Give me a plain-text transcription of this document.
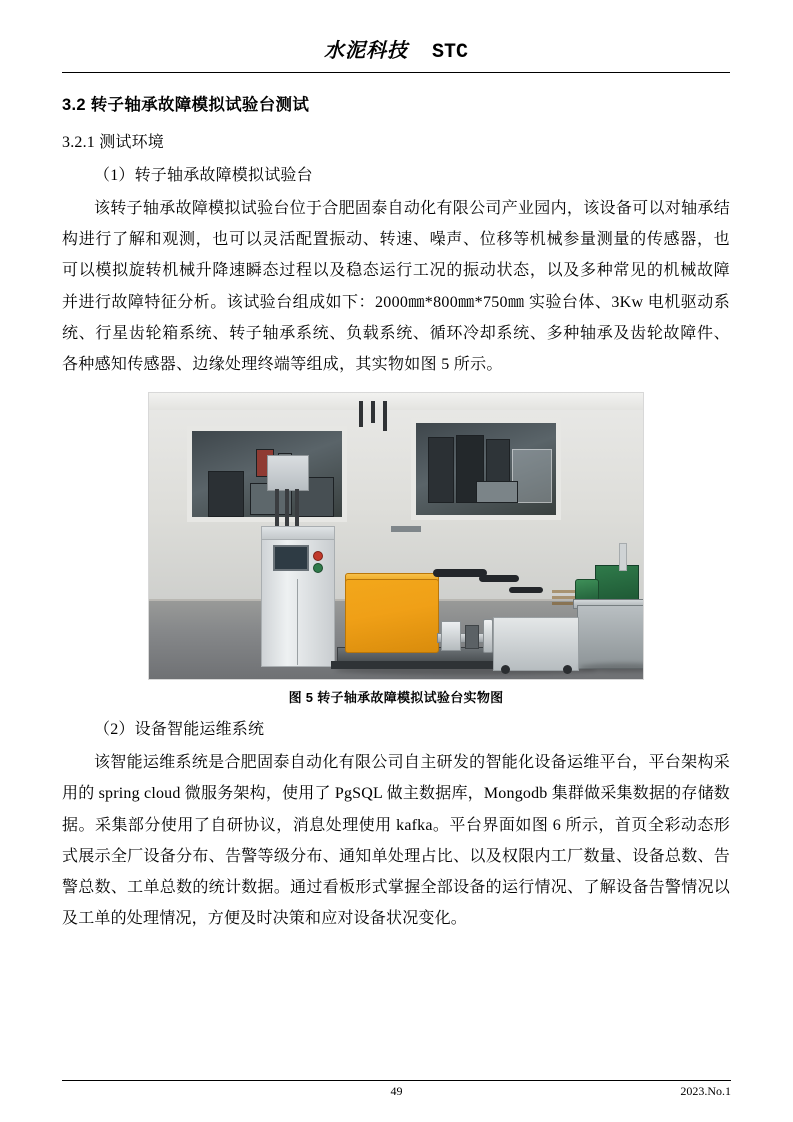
水泥科技 STC
3.2 转子轴承故障模拟试验台测试
3.2.1 测试环境

（1）转子轴承故障模拟试验台

该转子轴承故障模拟试验台位于合肥固泰自动化有限公司产业园内，该设备可以对轴承结构进行了解和观测，也可以灵活配置振动、转速、噪声、位移等机械参量测量的传感器，也可以模拟旋转机械升降速瞬态过程以及稳态运行工况的振动状态，以及多种常见的机械故障并进行故障特征分析。该试验台组成如下：2000㎜*800㎜*750㎜ 实验台体、3Kw 电机驱动系统、行星齿轮箱系统、转子轴承系统、负载系统、循环冷却系统、多种轴承及齿轮故障件、各种感知传感器、边缘处理终端等组成，其实物如图 5 所示。

图 5 转子轴承故障模拟试验台实物图

（2）设备智能运维系统

该智能运维系统是合肥固泰自动化有限公司自主研发的智能化设备运维平台，平台架构采用的 spring cloud 微服务架构，使用了 PgSQL 做主数据库，Mongodb 集群做采集数据的存储数据。采集部分使用了自研协议，消息处理使用 kafka。平台界面如图 6 所示，首页全彩动态形式展示全厂设备分布、告警等级分布、通知单处理占比、以及权限内工厂数量、设备总数、告警总数、工单总数的统计数据。通过看板形式掌握全部设备的运行情况、了解设备告警情况以及工单的处理情况，方便及时决策和应对设备状况变化。

49	2023.No.1
